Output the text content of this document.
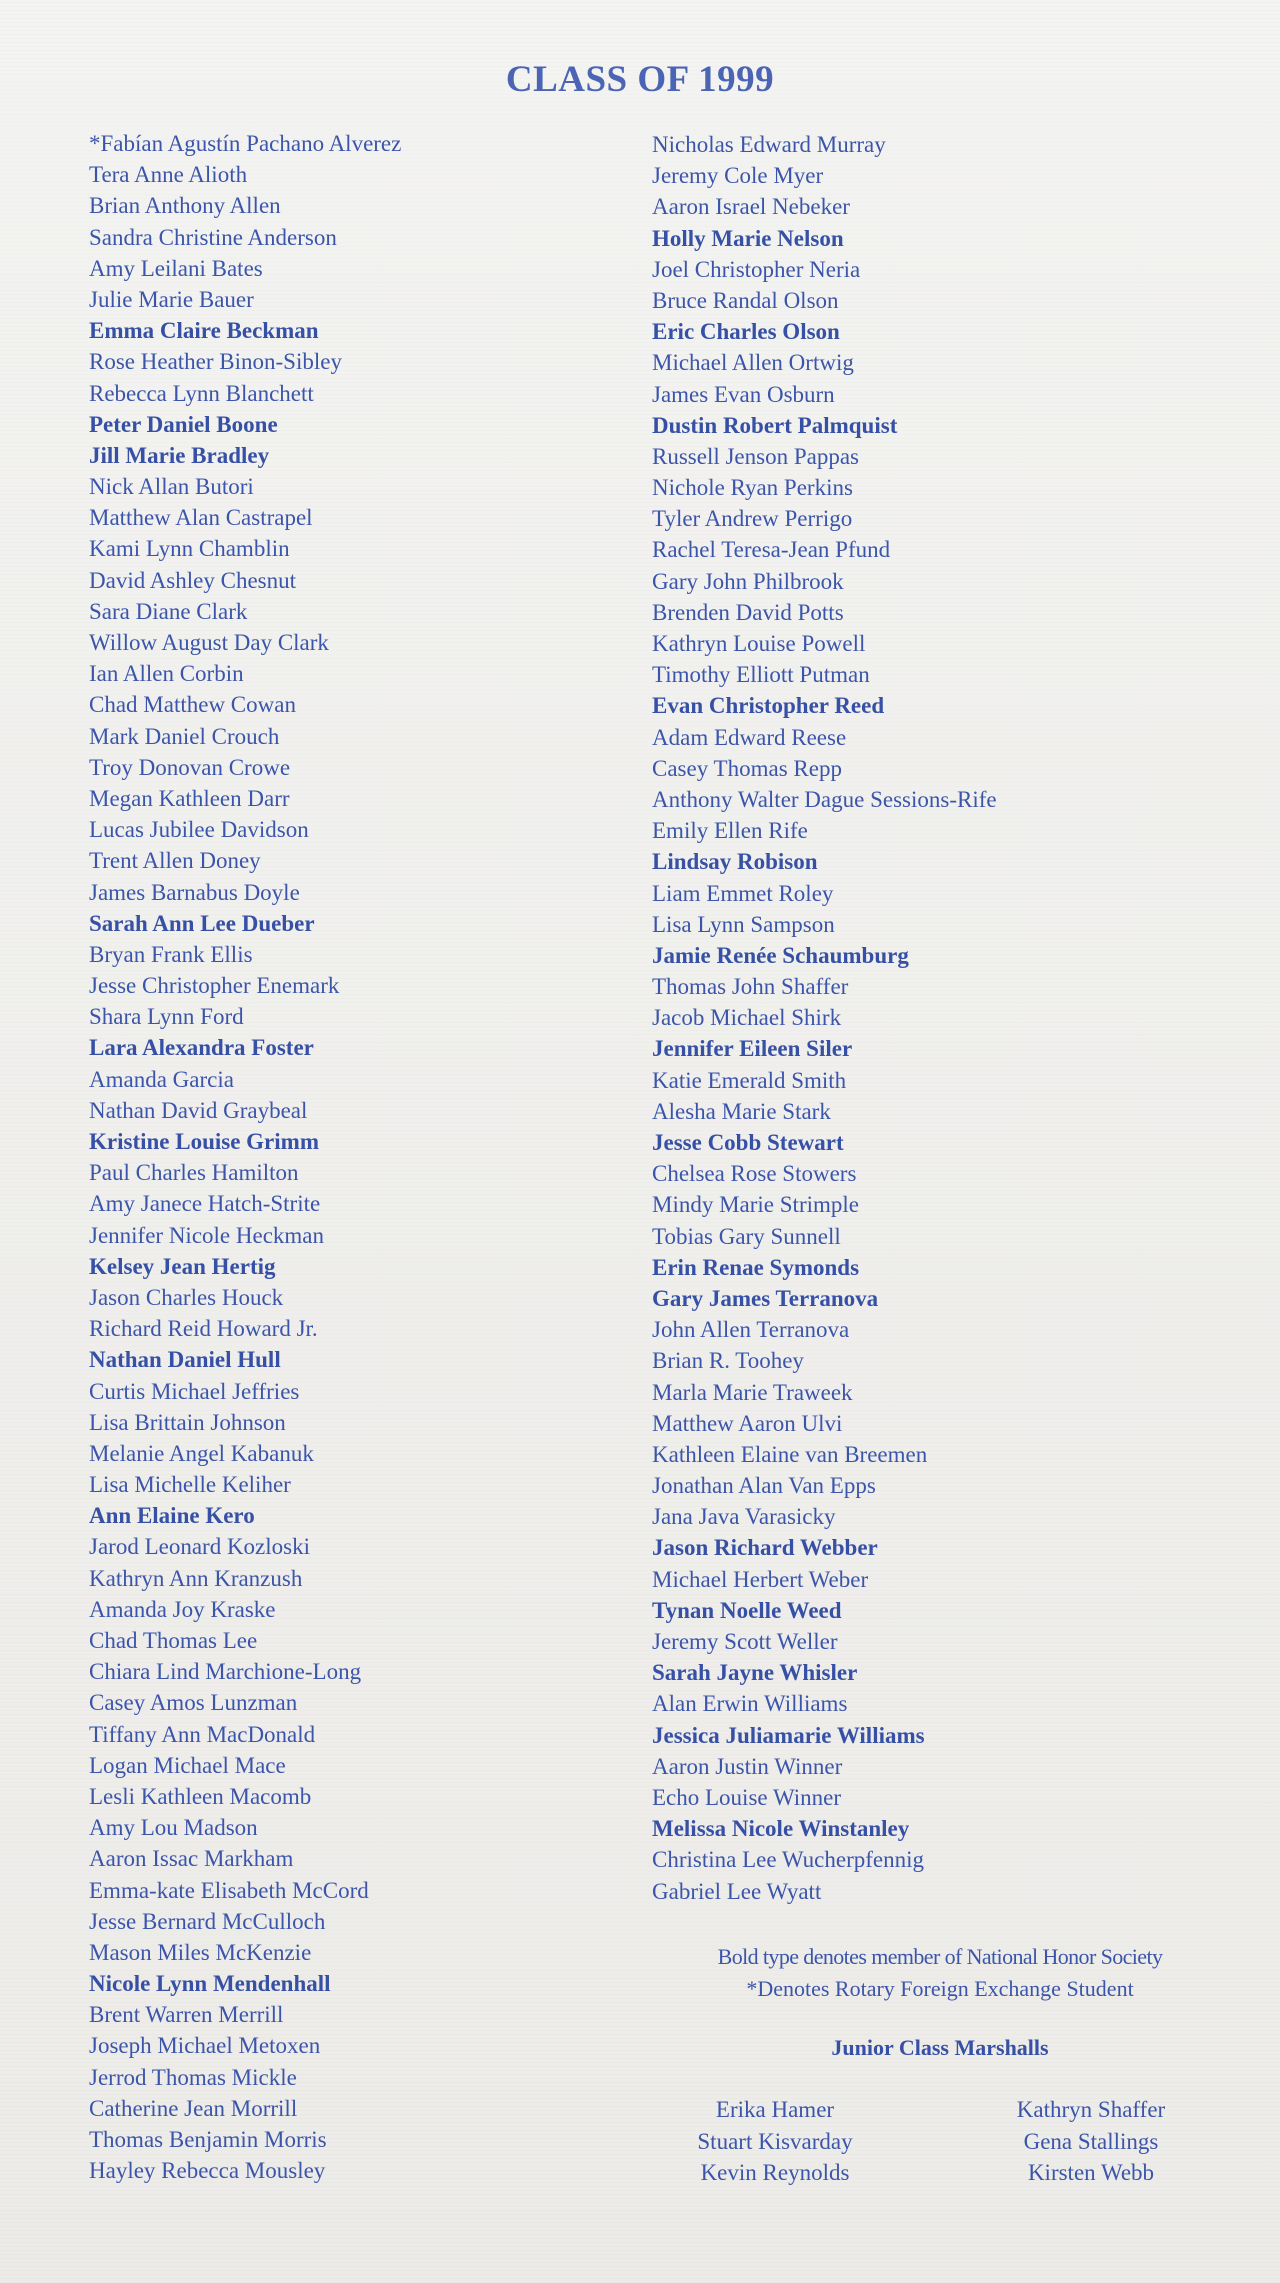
CLASS OF 1999
*Fabían Agustín Pachano Alverez
Tera Anne Alioth
Brian Anthony Allen
Sandra Christine Anderson
Amy Leilani Bates
Julie Marie Bauer
Emma Claire Beckman
Rose Heather Binon-Sibley
Rebecca Lynn Blanchett
Peter Daniel Boone
Jill Marie Bradley
Nick Allan Butori
Matthew Alan Castrapel
Kami Lynn Chamblin
David Ashley Chesnut
Sara Diane Clark
Willow August Day Clark
Ian Allen Corbin
Chad Matthew Cowan
Mark Daniel Crouch
Troy Donovan Crowe
Megan Kathleen Darr
Lucas Jubilee Davidson
Trent Allen Doney
James Barnabus Doyle
Sarah Ann Lee Dueber
Bryan Frank Ellis
Jesse Christopher Enemark
Shara Lynn Ford
Lara Alexandra Foster
Amanda Garcia
Nathan David Graybeal
Kristine Louise Grimm
Paul Charles Hamilton
Amy Janece Hatch-Strite
Jennifer Nicole Heckman
Kelsey Jean Hertig
Jason Charles Houck
Richard Reid Howard Jr.
Nathan Daniel Hull
Curtis Michael Jeffries
Lisa Brittain Johnson
Melanie Angel Kabanuk
Lisa Michelle Keliher
Ann Elaine Kero
Jarod Leonard Kozloski
Kathryn Ann Kranzush
Amanda Joy Kraske
Chad Thomas Lee
Chiara Lind Marchione-Long
Casey Amos Lunzman
Tiffany Ann MacDonald
Logan Michael Mace
Lesli Kathleen Macomb
Amy Lou Madson
Aaron Issac Markham
Emma-kate Elisabeth McCord
Jesse Bernard McCulloch
Mason Miles McKenzie
Nicole Lynn Mendenhall
Brent Warren Merrill
Joseph Michael Metoxen
Jerrod Thomas Mickle
Catherine Jean Morrill
Thomas Benjamin Morris
Hayley Rebecca Mousley
Nicholas Edward Murray
Jeremy Cole Myer
Aaron Israel Nebeker
Holly Marie Nelson
Joel Christopher Neria
Bruce Randal Olson
Eric Charles Olson
Michael Allen Ortwig
James Evan Osburn
Dustin Robert Palmquist
Russell Jenson Pappas
Nichole Ryan Perkins
Tyler Andrew Perrigo
Rachel Teresa-Jean Pfund
Gary John Philbrook
Brenden David Potts
Kathryn Louise Powell
Timothy Elliott Putman
Evan Christopher Reed
Adam Edward Reese
Casey Thomas Repp
Anthony Walter Dague Sessions-Rife
Emily Ellen Rife
Lindsay Robison
Liam Emmet Roley
Lisa Lynn Sampson
Jamie Renée Schaumburg
Thomas John Shaffer
Jacob Michael Shirk
Jennifer Eileen Siler
Katie Emerald Smith
Alesha Marie Stark
Jesse Cobb Stewart
Chelsea Rose Stowers
Mindy Marie Strimple
Tobias Gary Sunnell
Erin Renae Symonds
Gary James Terranova
John Allen Terranova
Brian R. Toohey
Marla Marie Traweek
Matthew Aaron Ulvi
Kathleen Elaine van Breemen
Jonathan Alan Van Epps
Jana Java Varasicky
Jason Richard Webber
Michael Herbert Weber
Tynan Noelle Weed
Jeremy Scott Weller
Sarah Jayne Whisler
Alan Erwin Williams
Jessica Juliamarie Williams
Aaron Justin Winner
Echo Louise Winner
Melissa Nicole Winstanley
Christina Lee Wucherpfennig
Gabriel Lee Wyatt
Bold type denotes member of National Honor Society
*Denotes Rotary Foreign Exchange Student
Junior Class Marshalls
Erika Hamer
Stuart Kisvarday
Kevin Reynolds
Kathryn Shaffer
Gena Stallings
Kirsten Webb
